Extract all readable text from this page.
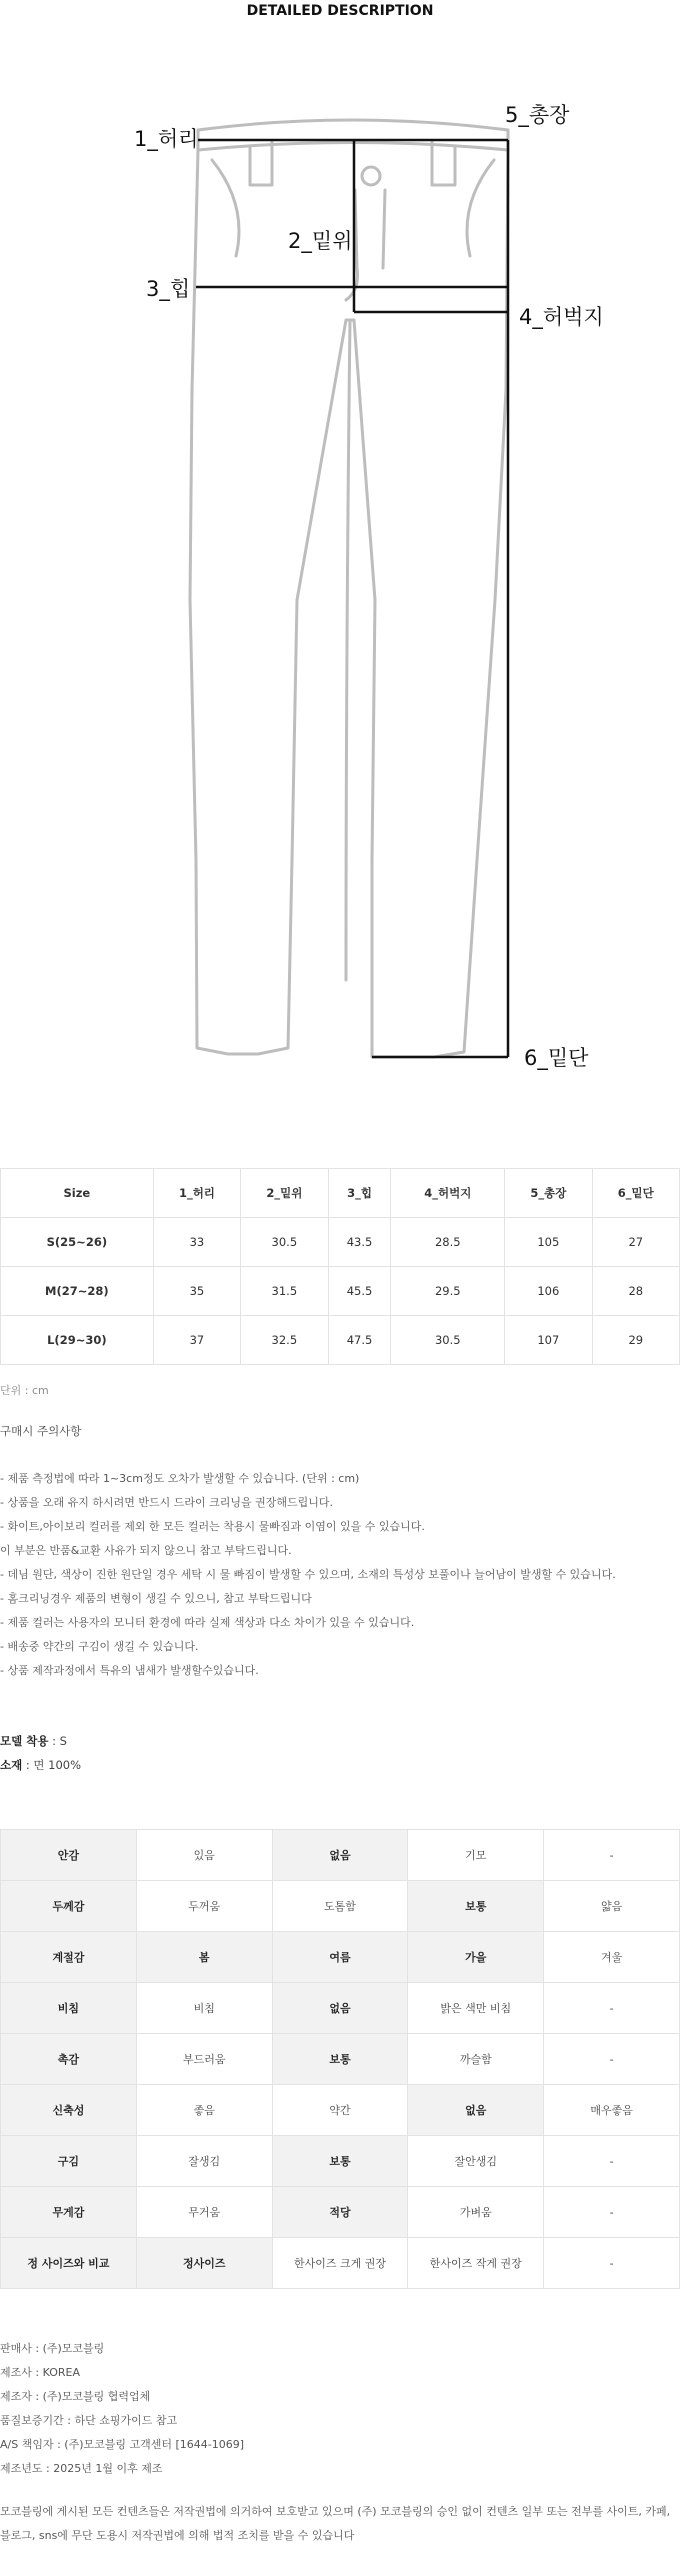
DETAILED DESCRIPTION
1_허리
2_밑위
3_힙
4_허벅지
5_총장
6_밑단
Size	1_허리	2_밑위	3_힙	4_허벅지	5_총장	6_밑단
S(25~26)	33	30.5	43.5	28.5	105	27
M(27~28)	35	31.5	45.5	29.5	106	28
L(29~30)	37	32.5	47.5	30.5	107	29
단위 : cm
구매시 주의사항
- 제품 측정법에 따라 1~3cm정도 오차가 발생할 수 있습니다. (단위 : cm)
- 상품을 오래 유지 하시려면 반드시 드라이 크리닝을 권장해드립니다.
- 화이트,아이보리 컬러를 제외 한 모든 컬러는 착용시 물빠짐과 이염이 있을 수 있습니다.
이 부분은 반품&교환 사유가 되지 않으니 참고 부탁드립니다.
- 데님 원단, 색상이 진한 원단일 경우 세탁 시 물 빠짐이 발생할 수 있으며, 소재의 특성상 보풀이나 늘어남이 발생할 수 있습니다.
- 홈크리닝경우 제품의 변형이 생길 수 있으니, 참고 부탁드립니다
- 제품 컬러는 사용자의 모니터 환경에 따라 실제 색상과 다소 차이가 있을 수 있습니다.
- 배송중 약간의 구김이 생길 수 있습니다.
- 상품 제작과정에서 특유의 냄새가 발생할수있습니다.
모델 착용 : S
소재 : 면 100%
안감	있음	없음	기모	-
두께감	두꺼움	도톰함	보통	얇음
계절감	봄	여름	가을	겨울
비침	비침	없음	밝은 색만 비침	-
촉감	부드러움	보통	까슬함	-
신축성	좋음	약간	없음	매우좋음
구김	잘생김	보통	잘안생김	-
무게감	무거움	적당	가벼움	-
정 사이즈와 비교	정사이즈	한사이즈 크게 권장	한사이즈 작게 권장	-
판매사 : (주)모코블링
제조사 : KOREA
제조자 : (주)모코블링 협력업체
품질보증기간 : 하단 쇼핑가이드 참고
A/S 책임자 : (주)모코블링 고객센터 [1644-1069]
제조년도 : 2025년 1월 이후 제조
모코블링에 게시된 모든 컨텐츠들은 저작권법에 의거하여 보호받고 있으며 (주) 모코블링의 승인 없이 컨텐츠 일부 또는 전부를 사이트, 카페, 블로그, sns에 무단 도용시 저작권법에 의해 법적 조치를 받을 수 있습니다
